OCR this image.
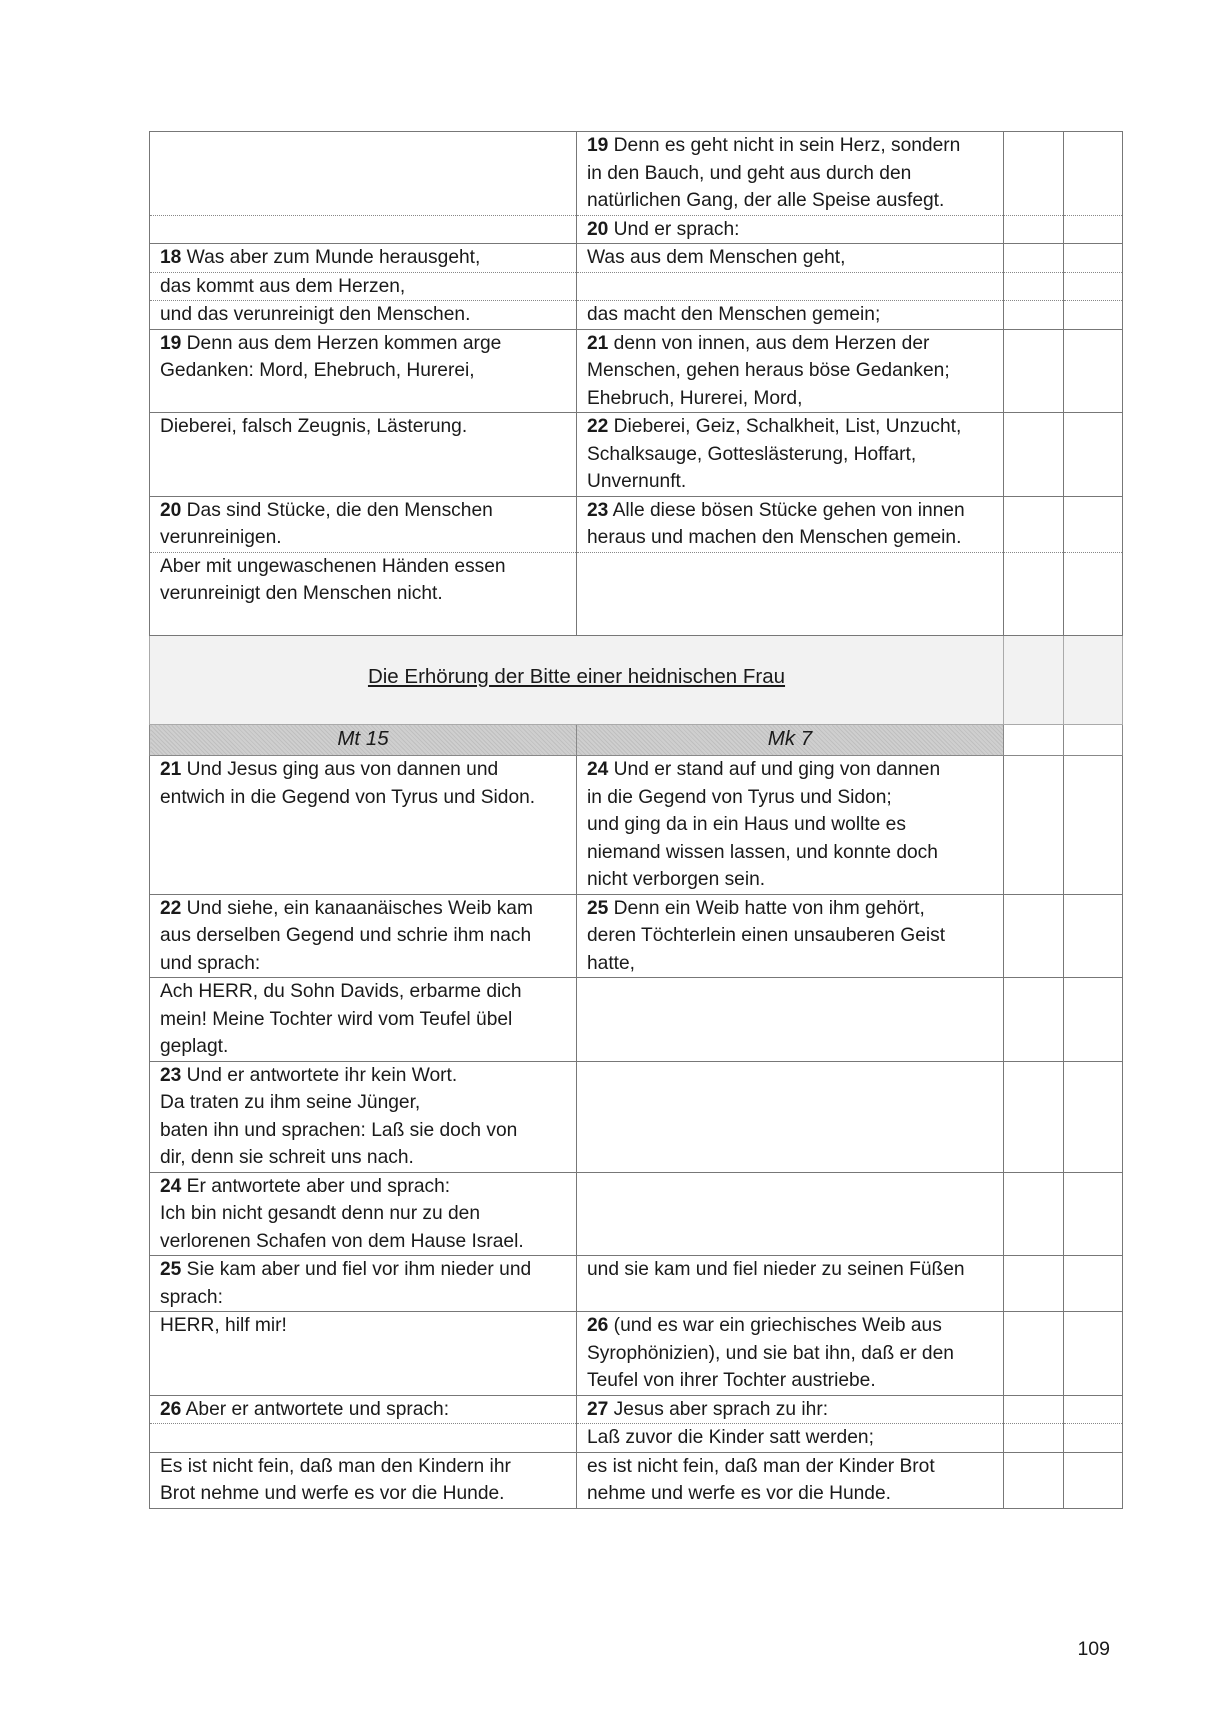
	19 Denn es geht nicht in sein Herz, sondern
in den Bauch, und geht aus durch den
natürlichen Gang, der alle Speise ausfegt.		
	20 Und er sprach:		
18 Was aber zum Munde herausgeht,	Was aus dem Menschen geht,		
das kommt aus dem Herzen,			
und das verunreinigt den Menschen.	das macht den Menschen gemein;		
19 Denn aus dem Herzen kommen arge
Gedanken: Mord, Ehebruch, Hurerei,	21 denn von innen, aus dem Herzen der
Menschen, gehen heraus böse Gedanken;
Ehebruch, Hurerei, Mord,		
Dieberei, falsch Zeugnis, Lästerung.	22 Dieberei, Geiz, Schalkheit, List, Unzucht,
Schalksauge, Gotteslästerung, Hoffart,
Unvernunft.		
20 Das sind Stücke, die den Menschen
verunreinigen.	23 Alle diese bösen Stücke gehen von innen
heraus und machen den Menschen gemein.		
Aber mit ungewaschenen Händen essen
verunreinigt den Menschen nicht.			

Die Erhörung der Bitte einer heidnischen Frau			

Mt 15	Mk 7		
21 Und Jesus ging aus von dannen und
entwich in die Gegend von Tyrus und Sidon.	24 Und er stand auf und ging von dannen
in die Gegend von Tyrus und Sidon;
und ging da in ein Haus und wollte es
niemand wissen lassen, und konnte doch
nicht verborgen sein.		
22 Und siehe, ein kanaanäisches Weib kam
aus derselben Gegend und schrie ihm nach
und sprach:	25 Denn ein Weib hatte von ihm gehört,
deren Töchterlein einen unsauberen Geist
hatte,		
Ach HERR, du Sohn Davids, erbarme dich
mein! Meine Tochter wird vom Teufel übel
geplagt.			
23 Und er antwortete ihr kein Wort.
Da traten zu ihm seine Jünger,
baten ihn und sprachen: Laß sie doch von
dir, denn sie schreit uns nach.			
24 Er antwortete aber und sprach:
Ich bin nicht gesandt denn nur zu den
verlorenen Schafen von dem Hause Israel.			
25 Sie kam aber und fiel vor ihm nieder und
sprach:	und sie kam und fiel nieder zu seinen Füßen		
HERR, hilf mir!	26 (und es war ein griechisches Weib aus
Syrophönizien), und sie bat ihn, daß er den
Teufel von ihrer Tochter austriebe.		
26 Aber er antwortete und sprach:	27 Jesus aber sprach zu ihr:		
	Laß zuvor die Kinder satt werden;		
Es ist nicht fein, daß man den Kindern ihr
Brot nehme und werfe es vor die Hunde.	es ist nicht fein, daß man der Kinder Brot
nehme und werfe es vor die Hunde.		
109
